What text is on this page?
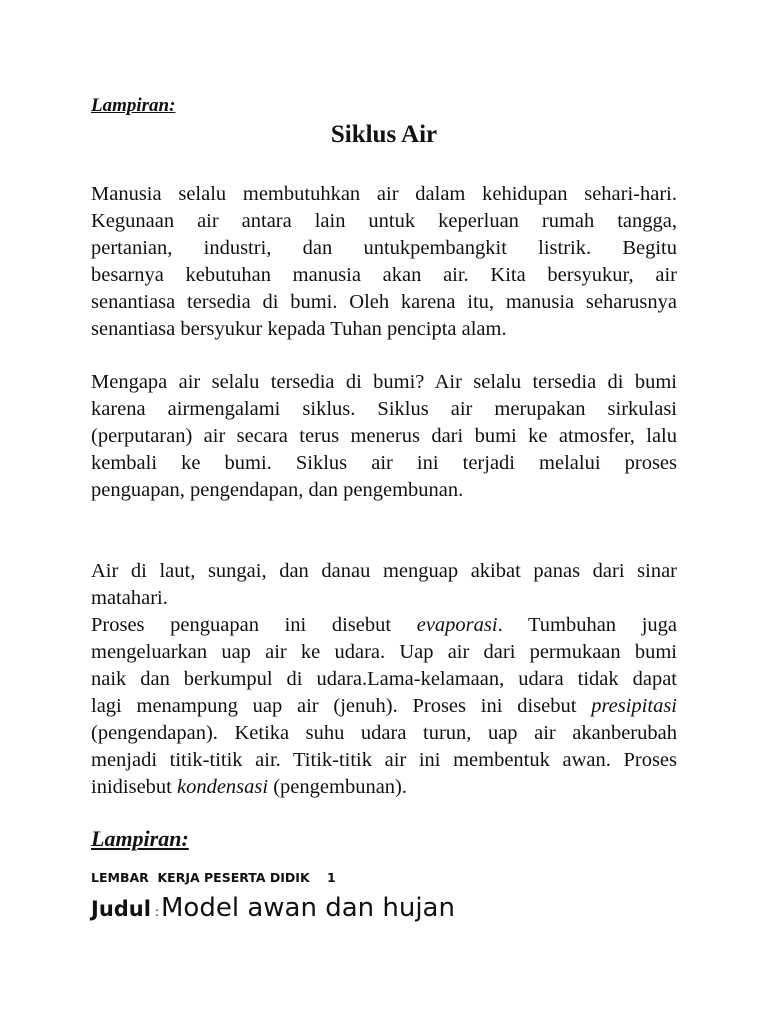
Lampiran:
Siklus Air
Manusia selalu membutuhkan air dalam kehidupan sehari-hari.
Kegunaan air antara lain untuk keperluan rumah tangga,
pertanian, industri, dan untukpembangkit listrik. Begitu
besarnya kebutuhan manusia akan air. Kita bersyukur, air
senantiasa tersedia di bumi. Oleh karena itu, manusia seharusnya
senantiasa bersyukur kepada Tuhan pencipta alam.
Mengapa air selalu tersedia di bumi? Air selalu tersedia di bumi
karena airmengalami siklus. Siklus air merupakan sirkulasi
(perputaran) air secara terus menerus dari bumi ke atmosfer, lalu
kembali ke bumi. Siklus air ini terjadi melalui proses
penguapan, pengendapan, dan pengembunan.
Air di laut, sungai, dan danau menguap akibat panas dari sinar
matahari.
Proses penguapan ini disebut evaporasi. Tumbuhan juga
mengeluarkan uap air ke udara. Uap air dari permukaan bumi
naik dan berkumpul di udara.Lama-kelamaan, udara tidak dapat
lagi menampung uap air (jenuh). Proses ini disebut presipitasi
(pengendapan). Ketika suhu udara turun, uap air akanberubah
menjadi titik-titik air. Titik-titik air ini membentuk awan. Proses
inidisebut kondensasi (pengembunan).
Lampiran:
LEMBAR  KERJA PESERTA DIDIK    1
Judul :Model awan dan hujan
